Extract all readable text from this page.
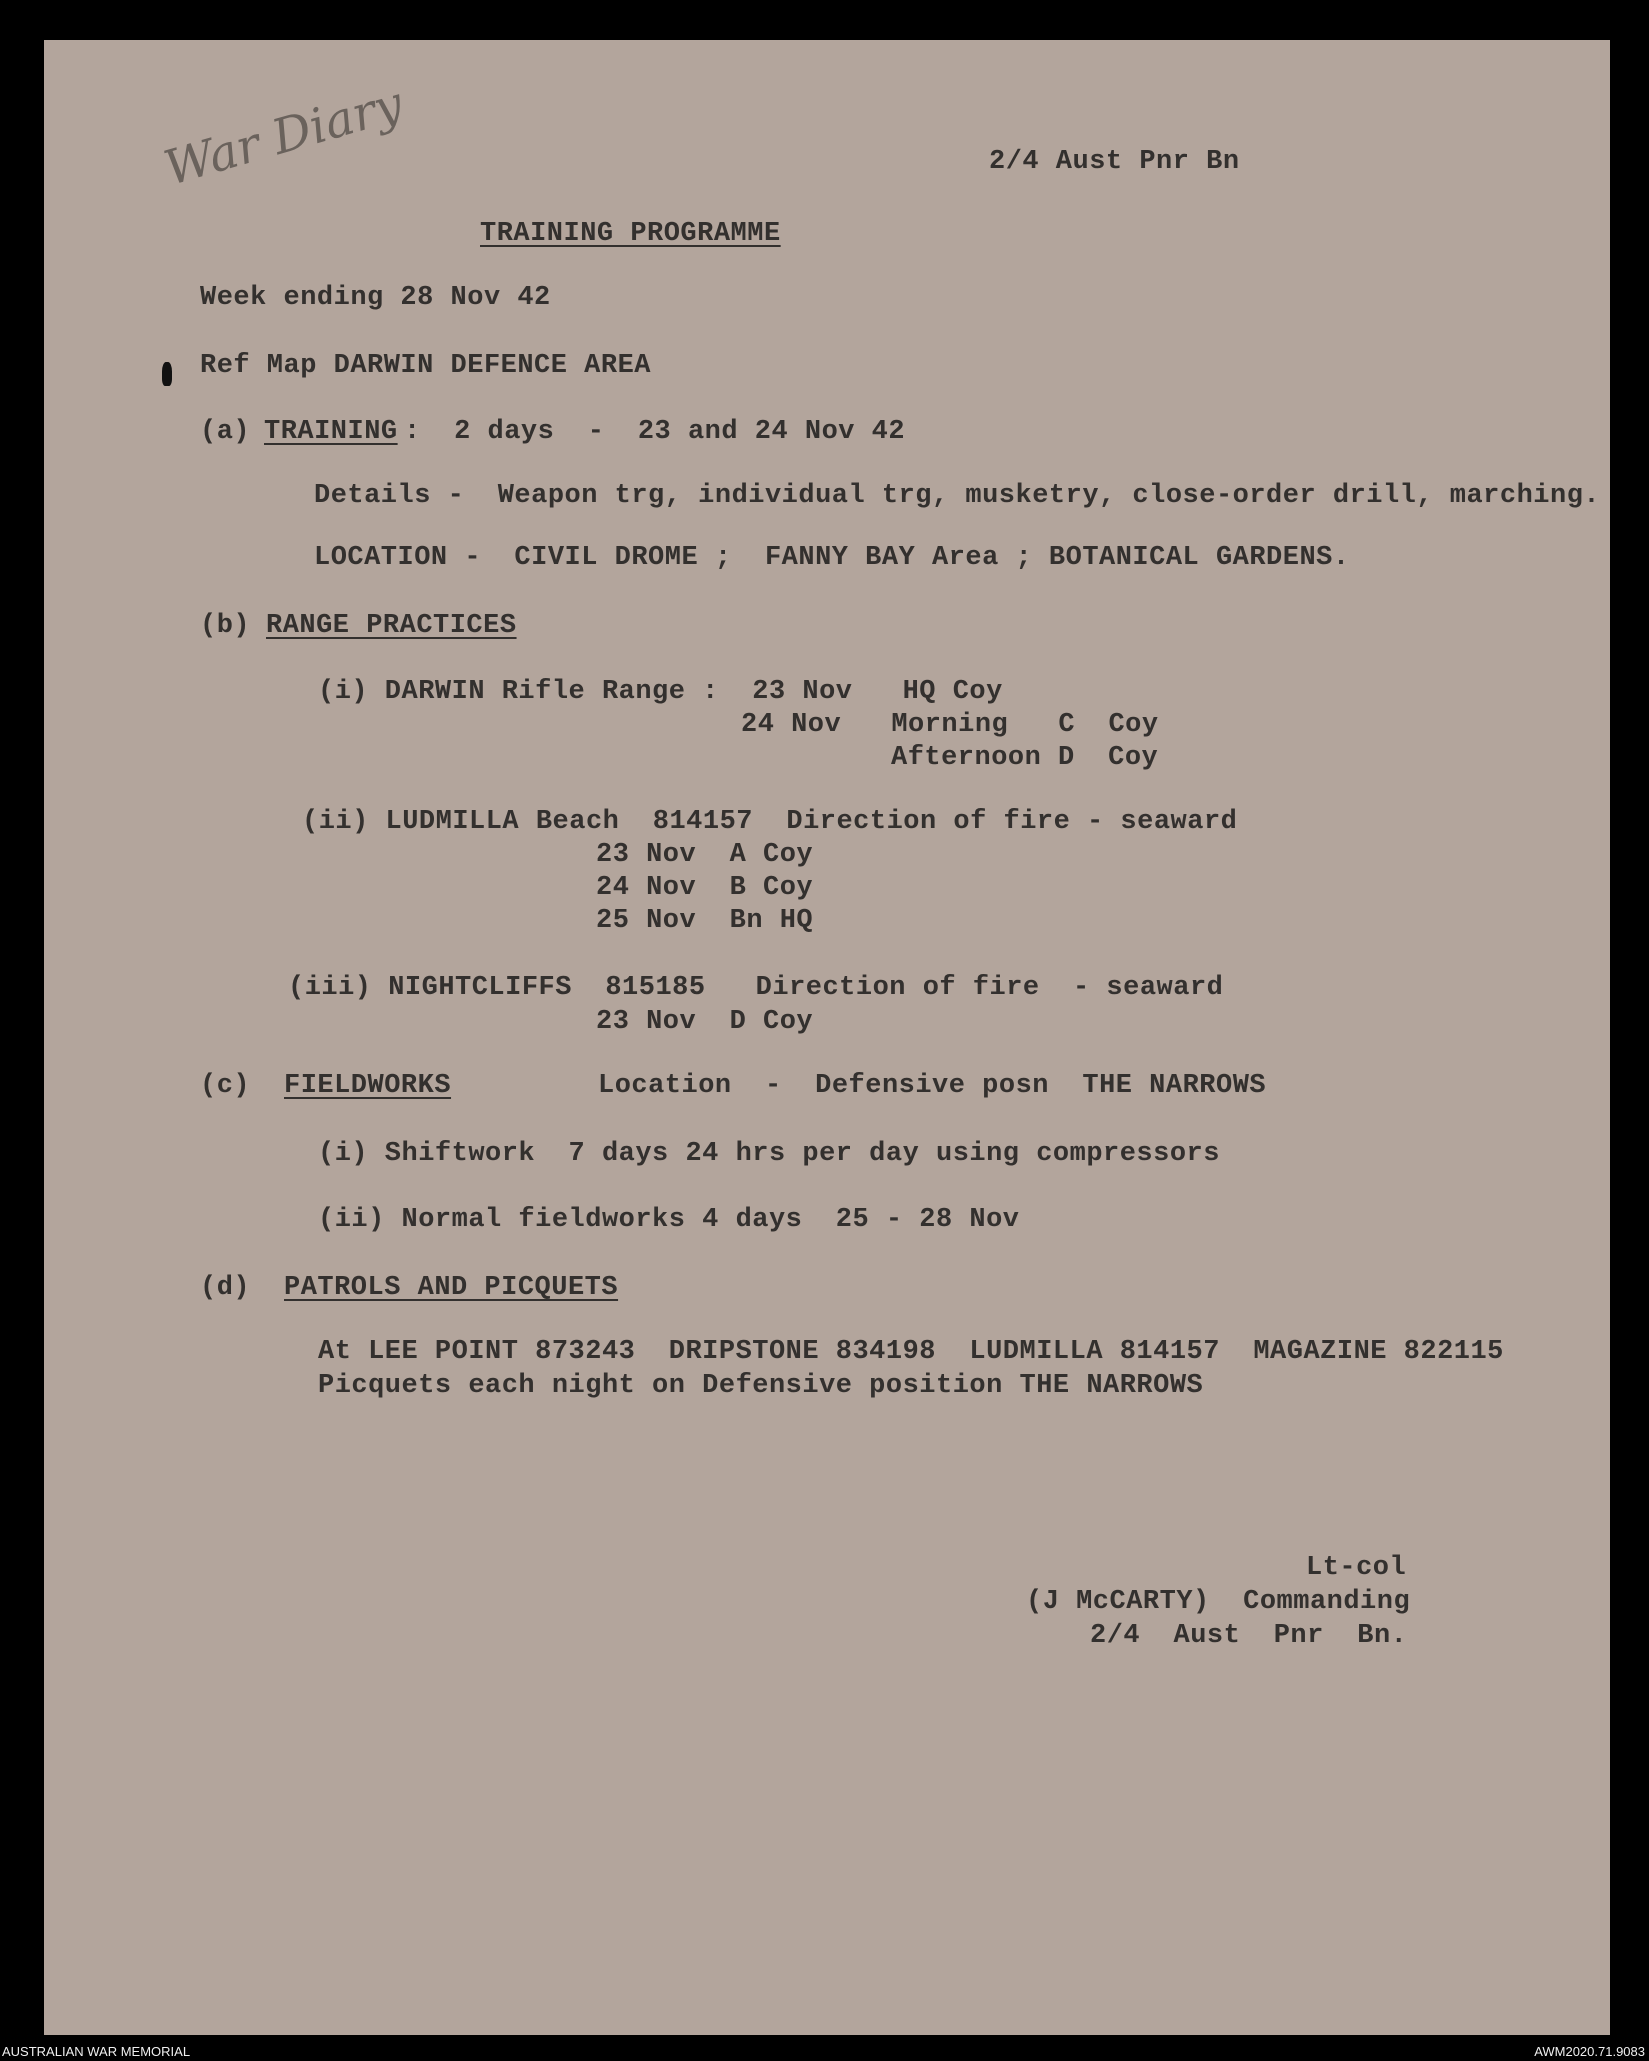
War Diary	2/4 Aust Pnr Bn
TRAINING PROGRAMME
Week ending 28 Nov 42
Ref Map DARWIN DEFENCE AREA
(a) TRAINING :  2 days  -  23 and 24 Nov 42
Details -  Weapon trg, individual trg, musketry, close-order drill, marching.
LOCATION -  CIVIL DROME ;  FANNY BAY Area ; BOTANICAL GARDENS.
(b) RANGE PRACTICES
(i) DARWIN Rifle Range :  23 Nov   HQ Coy
24 Nov   Morning   C  Coy
Afternoon D  Coy
(ii) LUDMILLA Beach  814157  Direction of fire - seaward
23 Nov  A Coy
24 Nov  B Coy
25 Nov  Bn HQ
(iii) NIGHTCLIFFS  815185   Direction of fire  - seaward
23 Nov  D Coy
(c) FIELDWORKS	Location  -  Defensive posn  THE NARROWS
(i) Shiftwork  7 days 24 hrs per day using compressors
(ii) Normal fieldworks 4 days  25 - 28 Nov
(d) PATROLS AND PICQUETS
At LEE POINT 873243  DRIPSTONE 834198  LUDMILLA 814157  MAGAZINE 822115
Picquets each night on Defensive position THE NARROWS
Lt-col
(J McCARTY)  Commanding
2/4  Aust  Pnr  Bn.
AUSTRALIAN WAR MEMORIAL	AWM2020.71.9083
